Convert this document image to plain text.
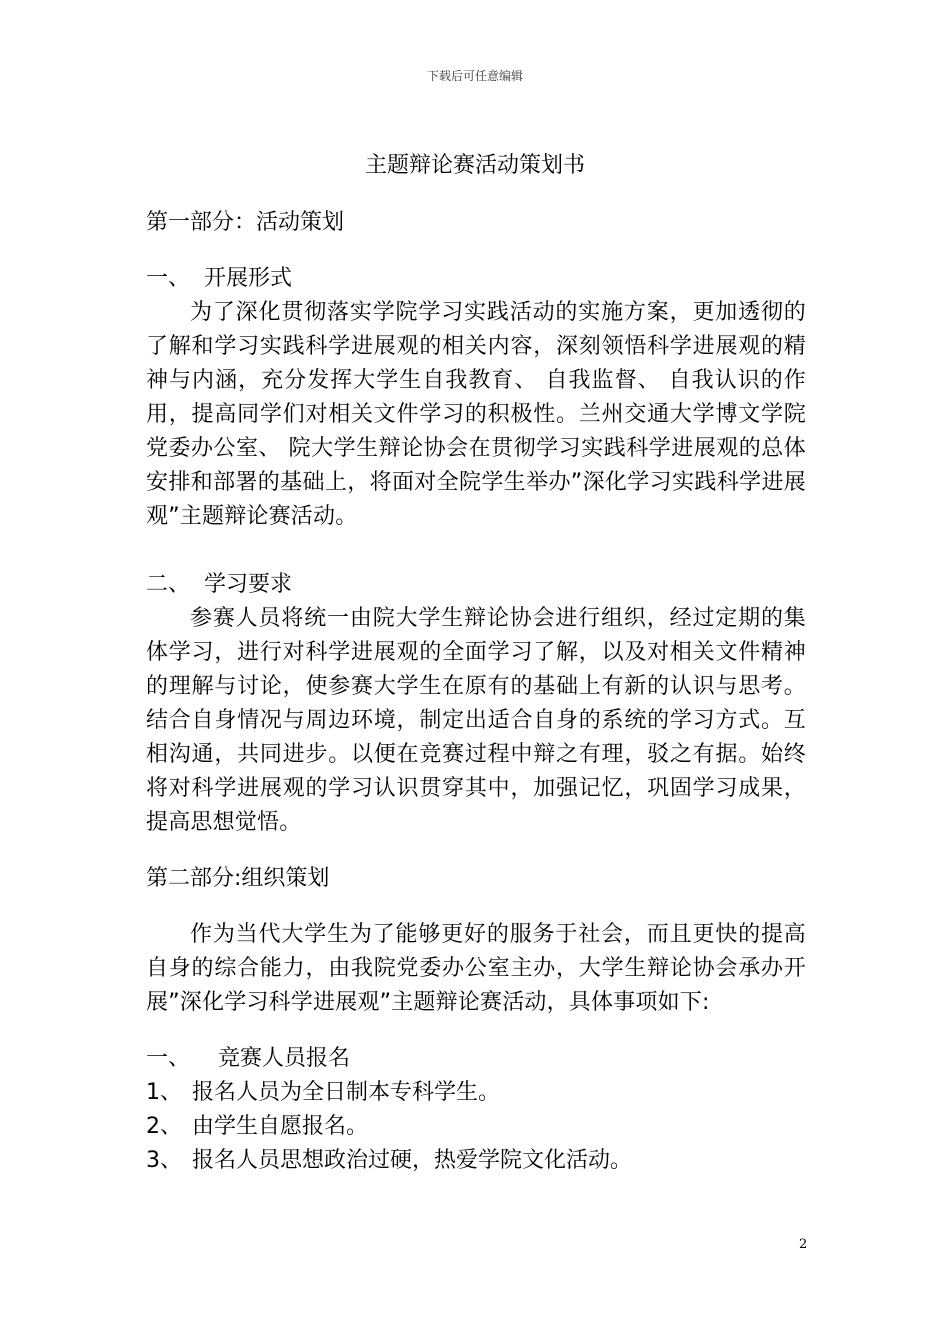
下载后可任意编辑
主题辩论赛活动策划书

第一部分：活动策划

一、 开展形式

为了深化贯彻落实学院学习实践活动的实施方案，更加透彻的了解和学习实践科学进展观的相关内容，深刻领悟科学进展观的精神与内涵，充分发挥大学生自我教育、 自我监督、 自我认识的作用，提高同学们对相关文件学习的积极性。兰州交通大学博文学院党委办公室、 院大学生辩论协会在贯彻学习实践科学进展观的总体安排和部署的基础上，将面对全院学生举办”深化学习实践科学进展观”主题辩论赛活动。

二、 学习要求

参赛人员将统一由院大学生辩论协会进行组织，经过定期的集体学习，进行对科学进展观的全面学习了解，以及对相关文件精神的理解与讨论，使参赛大学生在原有的基础上有新的认识与思考。结合自身情况与周边环境，制定出适合自身的系统的学习方式。互相沟通，共同进步。以便在竞赛过程中辩之有理，驳之有据。始终将对科学进展观的学习认识贯穿其中，加强记忆，巩固学习成果，提高思想觉悟。

第二部分:组织策划

作为当代大学生为了能够更好的服务于社会，而且更快的提高自身的综合能力，由我院党委办公室主办，大学生辩论协会承办开展”深化学习科学进展观”主题辩论赛活动，具体事项如下:

一、 竞赛人员报名

1、 报名人员为全日制本专科学生。

2、 由学生自愿报名。

3、 报名人员思想政治过硬，热爱学院文化活动。

2
